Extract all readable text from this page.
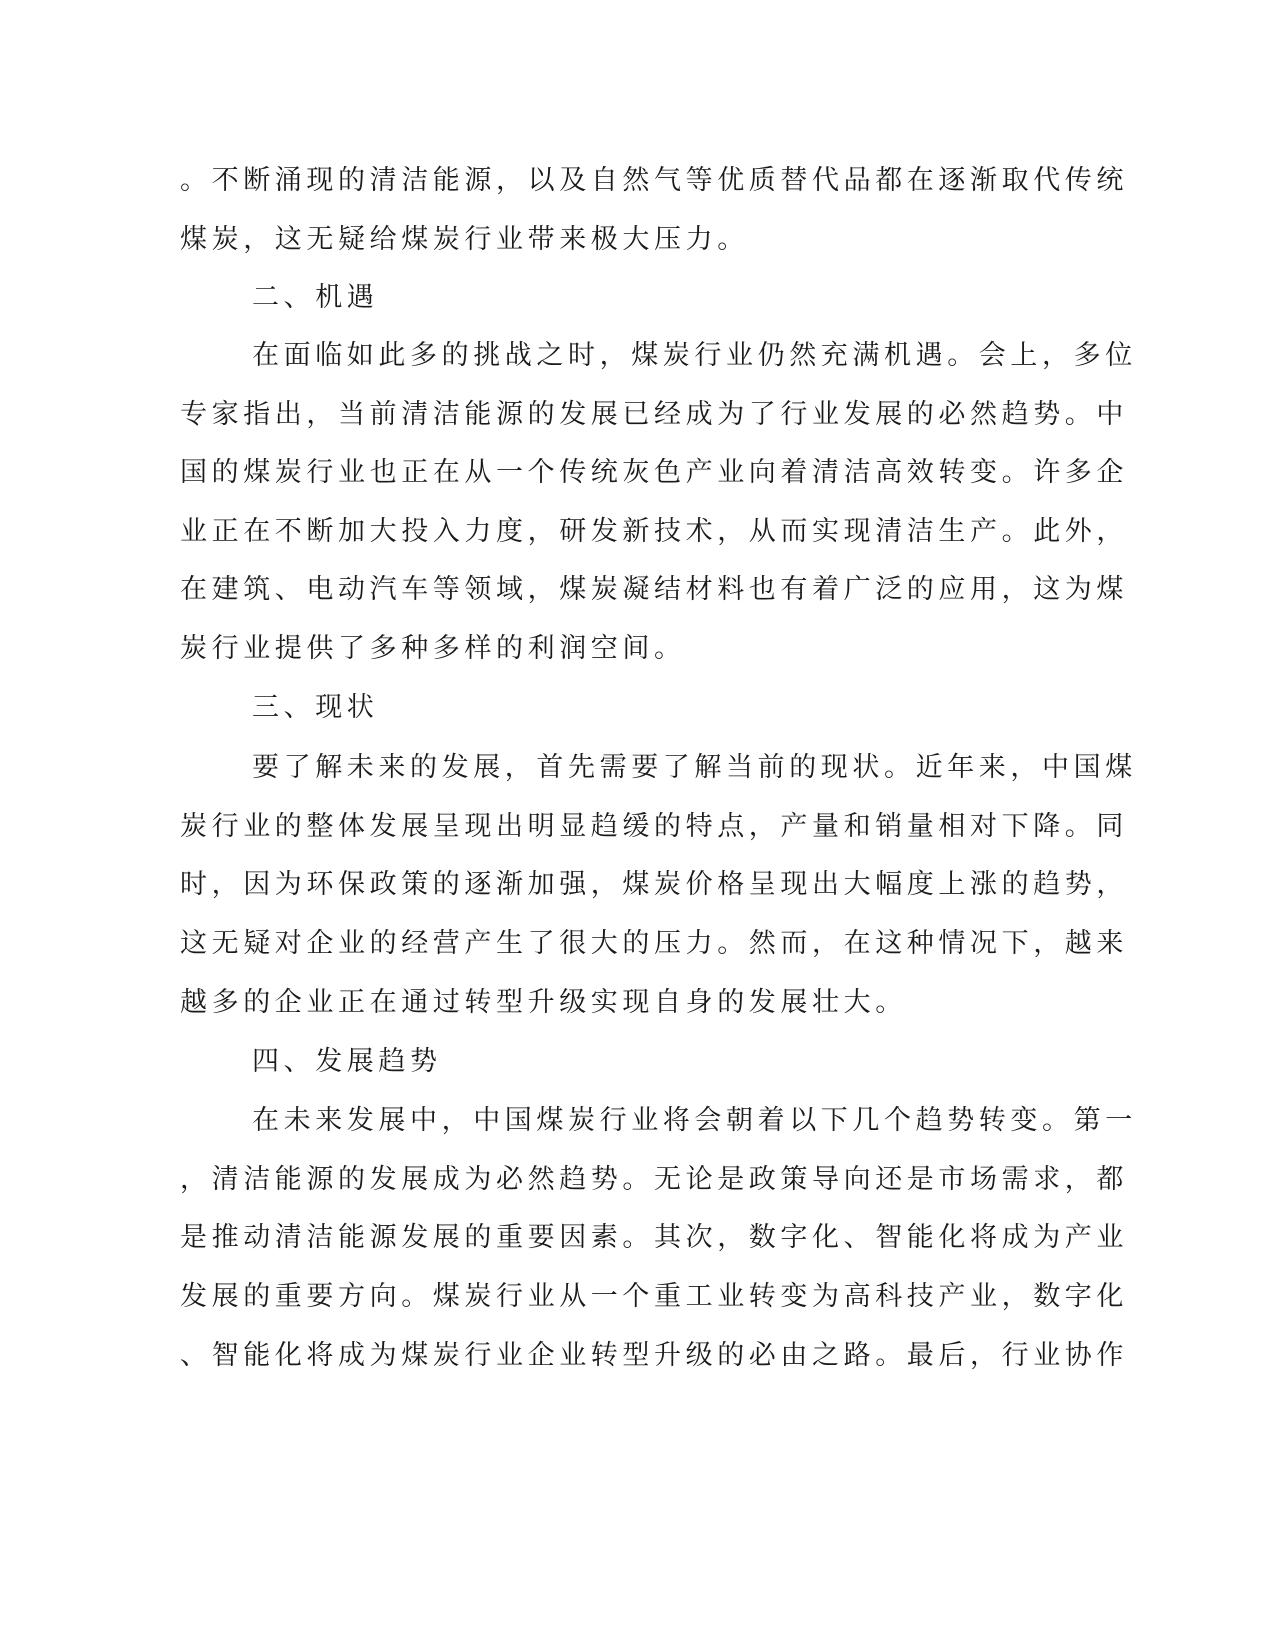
。不断涌现的清洁能源，以及自然气等优质替代品都在逐渐取代传统
煤炭，这无疑给煤炭行业带来极大压力。
二、机遇
在面临如此多的挑战之时，煤炭行业仍然充满机遇。会上，多位
专家指出，当前清洁能源的发展已经成为了行业发展的必然趋势。中
国的煤炭行业也正在从一个传统灰色产业向着清洁高效转变。许多企
业正在不断加大投入力度，研发新技术，从而实现清洁生产。此外，
在建筑、电动汽车等领域，煤炭凝结材料也有着广泛的应用，这为煤
炭行业提供了多种多样的利润空间。
三、现状
要了解未来的发展，首先需要了解当前的现状。近年来，中国煤
炭行业的整体发展呈现出明显趋缓的特点，产量和销量相对下降。同
时，因为环保政策的逐渐加强，煤炭价格呈现出大幅度上涨的趋势，
这无疑对企业的经营产生了很大的压力。然而，在这种情况下，越来
越多的企业正在通过转型升级实现自身的发展壮大。
四、发展趋势
在未来发展中，中国煤炭行业将会朝着以下几个趋势转变。第一
，清洁能源的发展成为必然趋势。无论是政策导向还是市场需求，都
是推动清洁能源发展的重要因素。其次，数字化、智能化将成为产业
发展的重要方向。煤炭行业从一个重工业转变为高科技产业，数字化
、智能化将成为煤炭行业企业转型升级的必由之路。最后，行业协作
